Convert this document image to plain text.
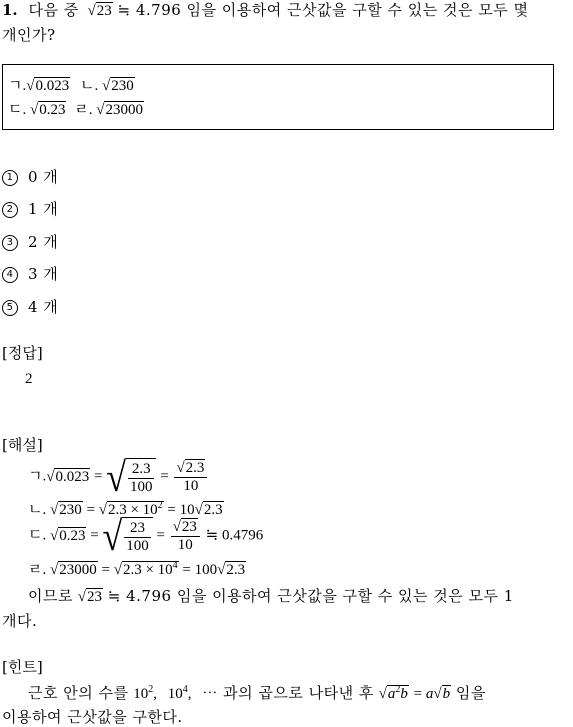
1. 다음 중 √23 ≒ 4.796 임을 이용하여 근삿값을 구할 수 있는 것은 모두 몇
개인가?
ㄱ.√0.023 ㄴ. √230
ㄷ. √0.23 ㄹ. √23000
1 0 개
2 1 개
3 2 개
4 3 개
5 4 개
[정답]
2
[해설]
ㄱ.√0.023 = √ $\frac{2.3}{100} = \frac{√2.3}{10}$
ㄴ. $√230 = √2.3 \times 10^2 = 10√2.3$
ㄷ. √0.23 = √ $\frac{23}{100} = \frac{√23}{10}$ ≒ 0.4796
ㄹ. $√23000 = √2.3 \times 10^4 = 100√2.3$
이므로 √23 ≒ 4.796 임을 이용하여 근삿값을 구할 수 있는 것은 모두 1
개다.
[힌트]
근호 안의 수를 $10^2$, $10^4$, ⋯ 과의 곱으로 나타낸 후 $√a^2b = a√b$ 임을
이용하여 근삿값을 구한다.
